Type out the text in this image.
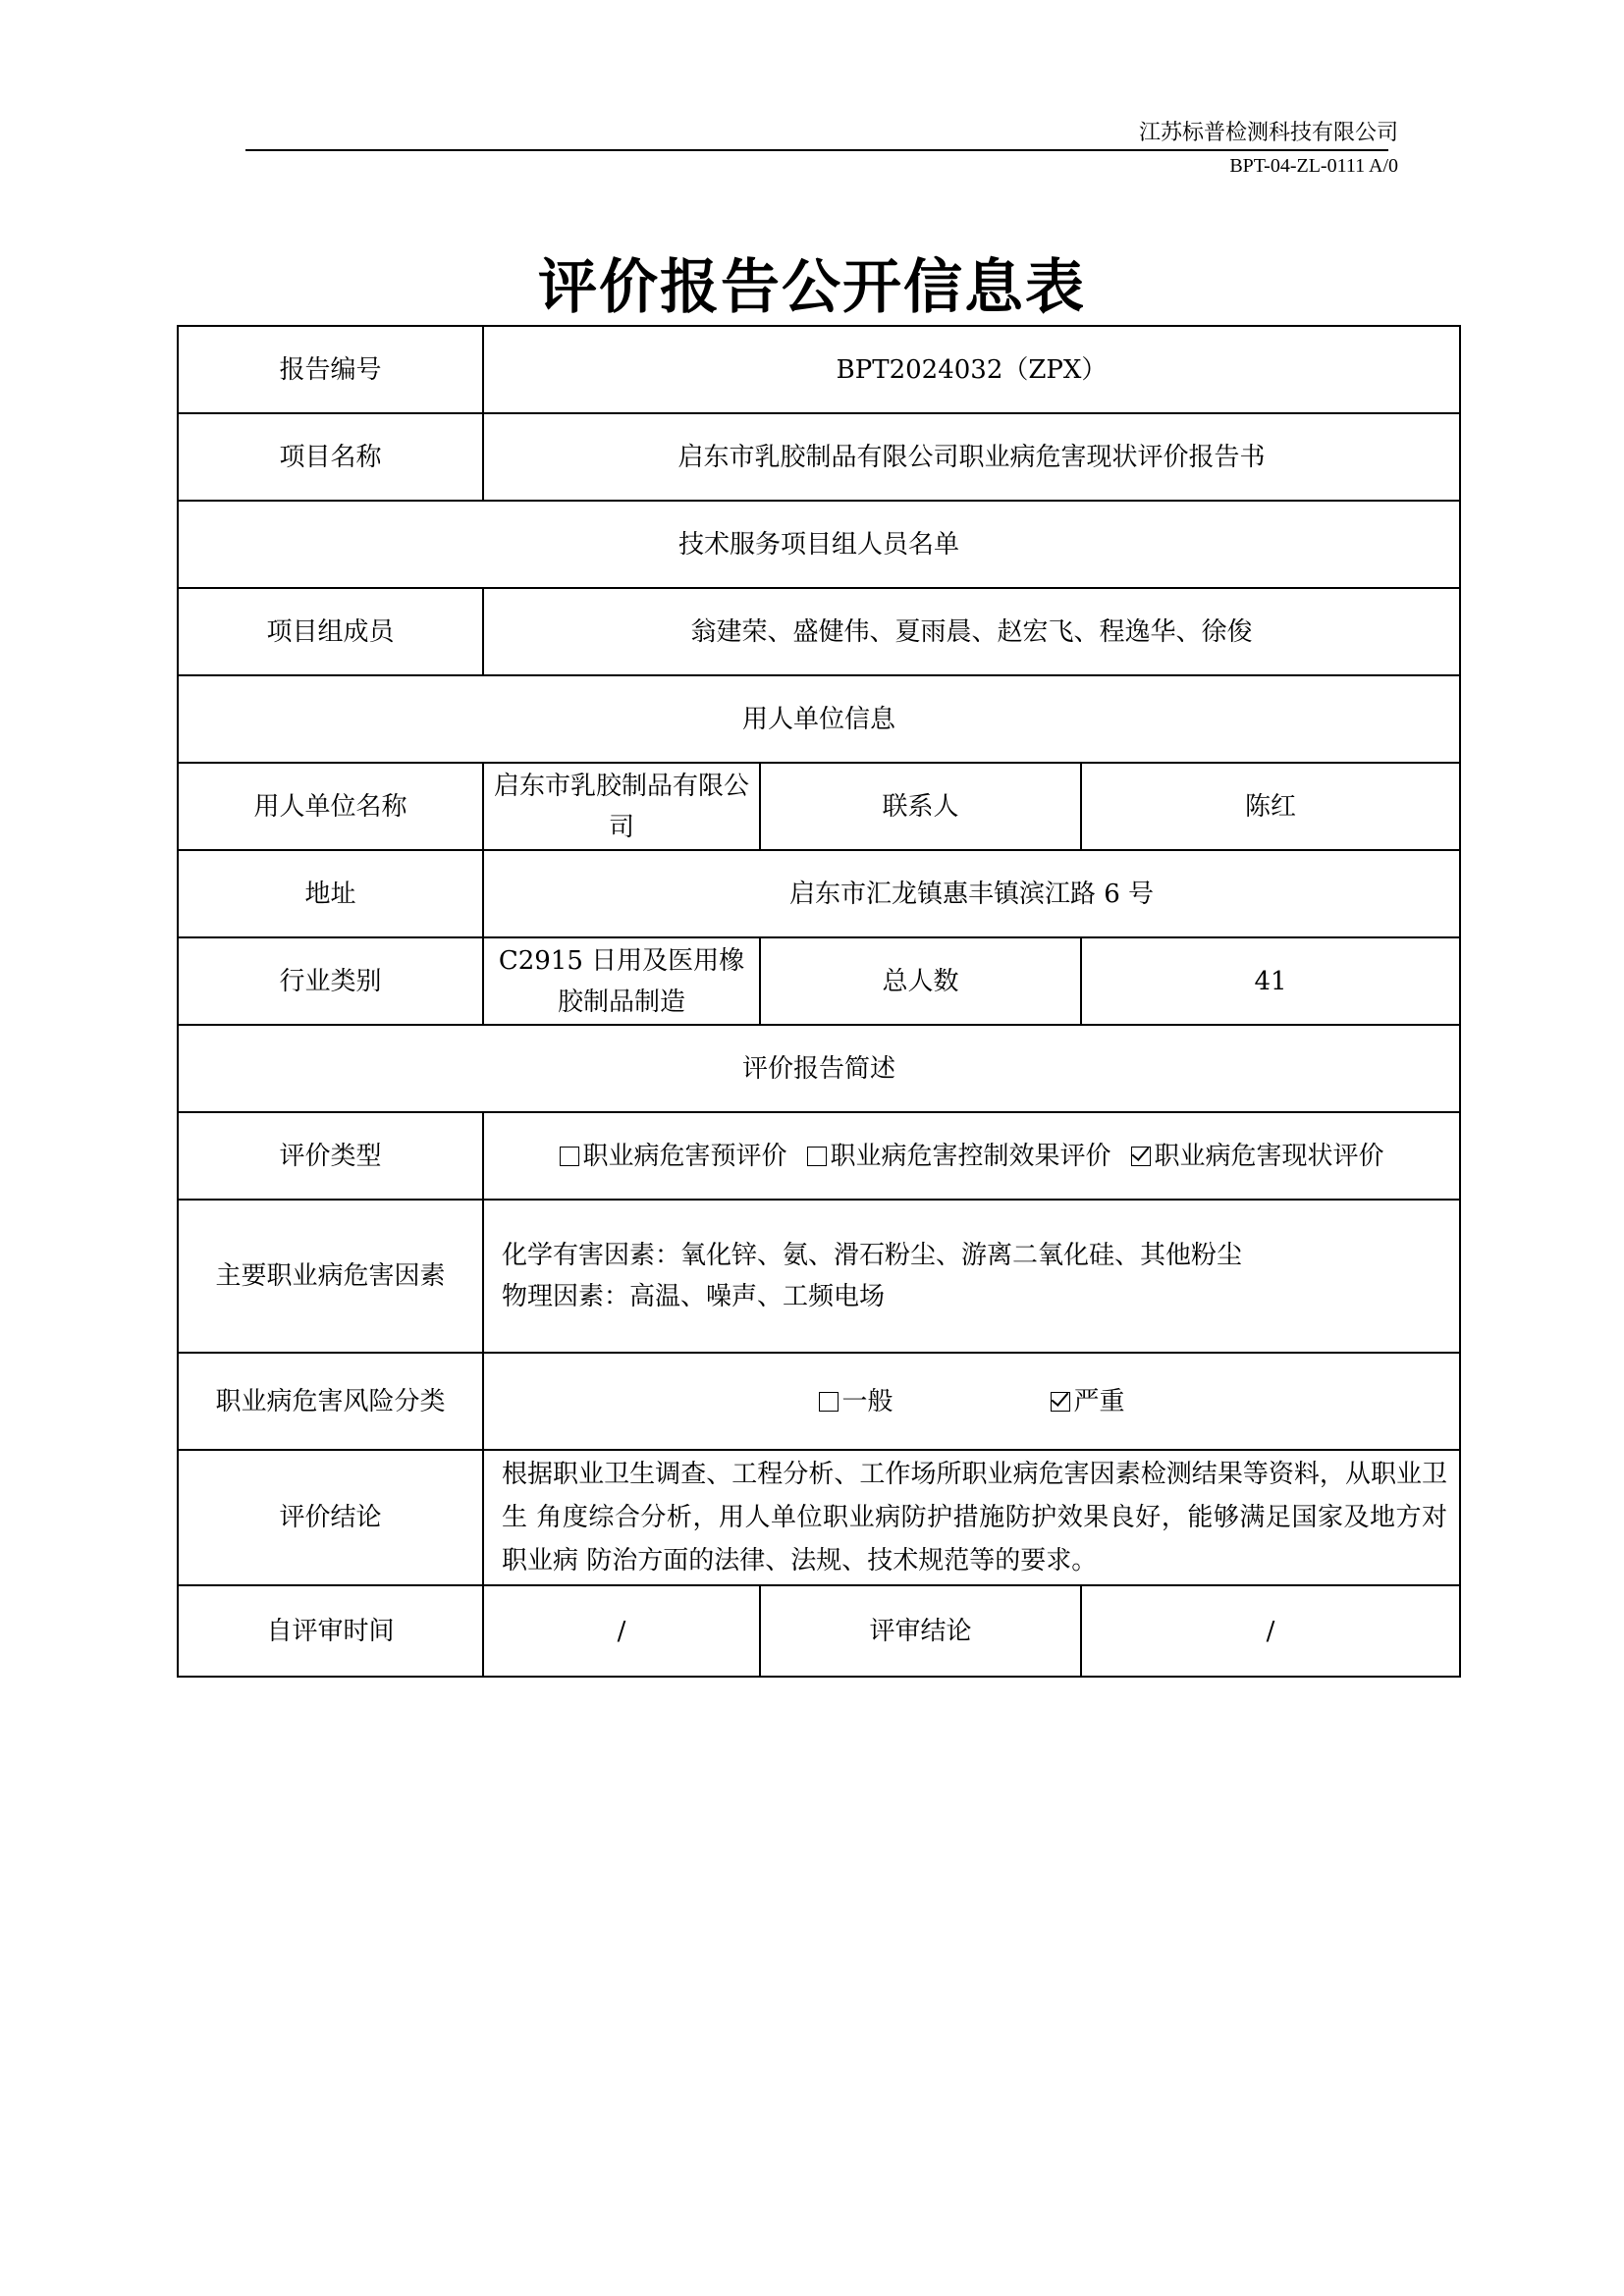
江苏标普检测科技有限公司
BPT-04-ZL-0111 A/0
评价报告公开信息表
报告编号	BPT2024032（ZPX）		
项目名称	启东市乳胶制品有限公司职业病危害现状评价报告书		
技术服务项目组人员名单			
项目组成员	翁建荣、盛健伟、夏雨晨、赵宏飞、程逸华、徐俊		
用人单位信息			
用人单位名称	启东市乳胶制品有限公司	联系人	陈红
地址	启东市汇龙镇惠丰镇滨江路 6 号		
行业类别	C2915 日用及医用橡胶制品制造	总人数	41
评价报告简述			
评价类型	职业病危害预评价 职业病危害控制效果评价 职业病危害现状评价		
主要职业病危害因素	化学有害因素：氧化锌、氨、滑石粉尘、游离二氧化硅、其他粉尘
物理因素：高温、噪声、工频电场		

职业病危害风险分类	一般 严重		
评价结论	根据职业卫生调查、工程分析、工作场所职业病危害因素检测结果等资料，从职业卫生 角度综合分析，用人单位职业病防护措施防护效果良好，能够满足国家及地方对职业病 防治方面的法律、法规、技术规范等的要求。		
自评审时间	/	评审结论	/
